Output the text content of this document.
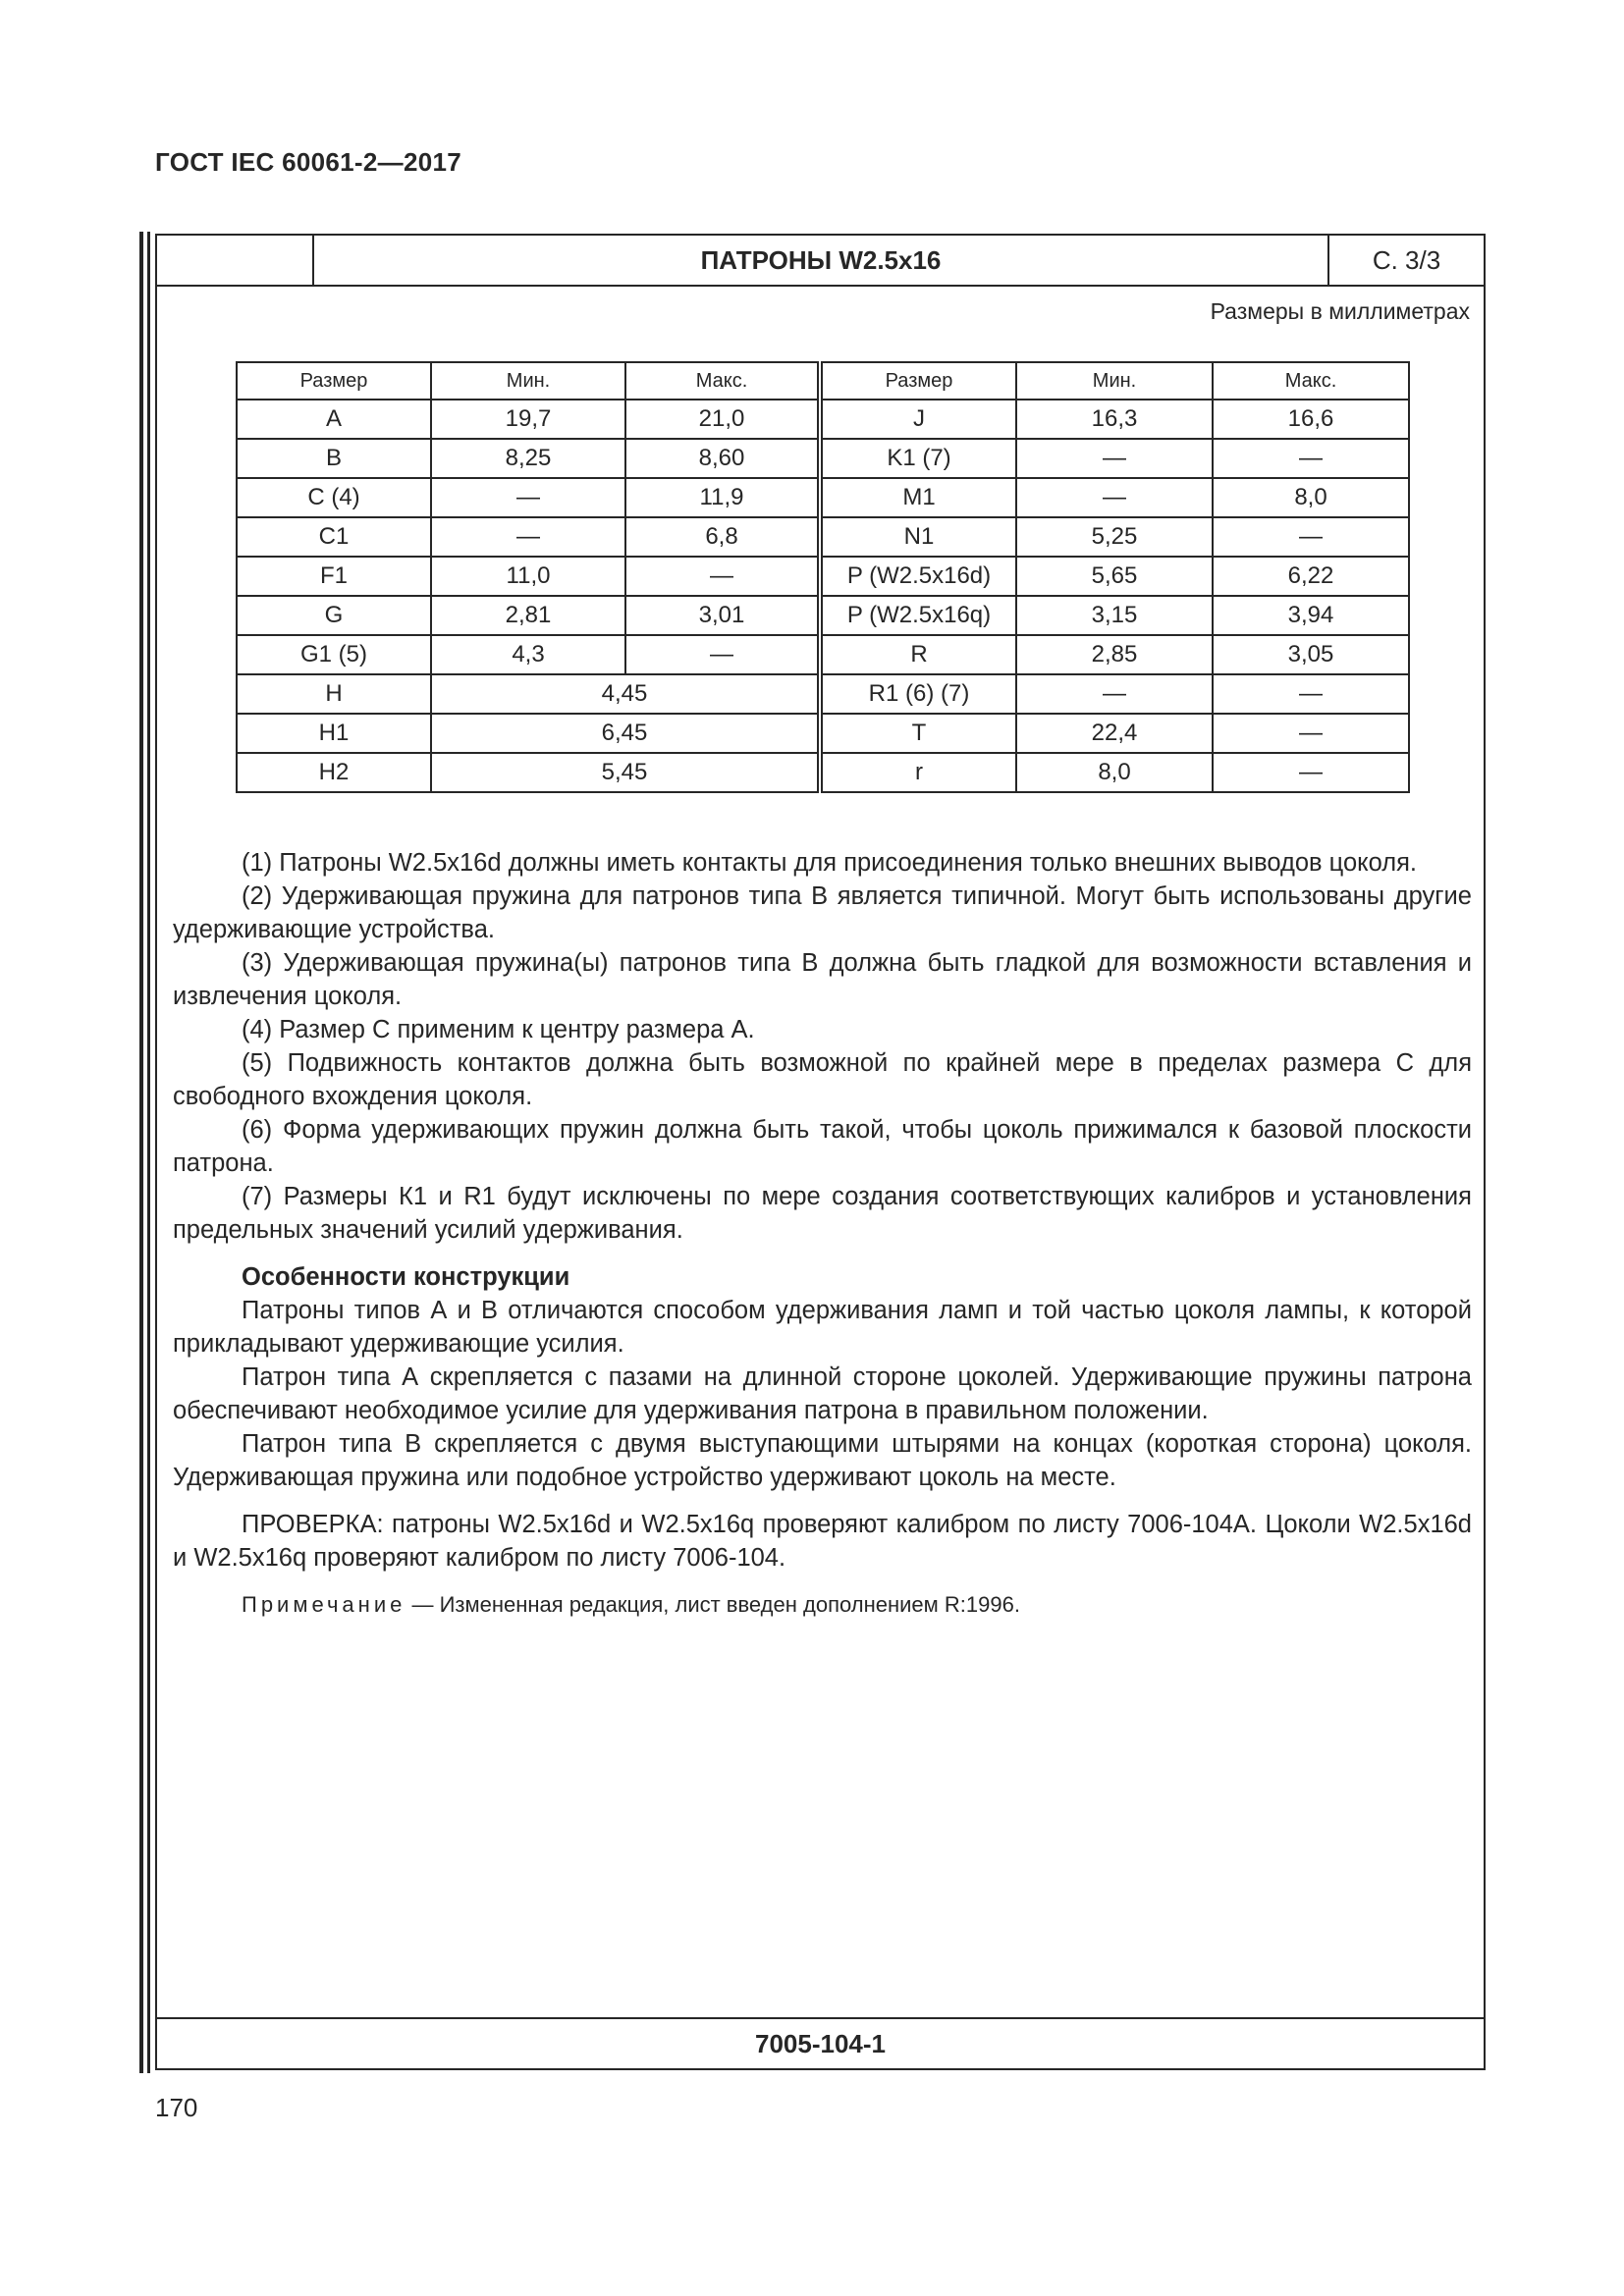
ГОСТ IEC 60061-2—2017
ПАТРОНЫ W2.5x16	С. 3/3
Размеры в миллиметрах
Размер	Мин.	Макс.	Размер	Мин.	Макс.
A	19,7	21,0	J	16,3	16,6
B	8,25	8,60	K1 (7)	—	—
C (4)	—	11,9	M1	—	8,0
C1	—	6,8	N1	5,25	—
F1	11,0	—	P (W2.5x16d)	5,65	6,22
G	2,81	3,01	P (W2.5x16q)	3,15	3,94
G1 (5)	4,3	—	R	2,85	3,05
H	4,45		R1 (6) (7)	—	—
H1	6,45		T	22,4	—
H2	5,45		r	8,0	—

(1) Патроны W2.5x16d должны иметь контакты для присоединения только внешних выводов цоколя.

(2) Удерживающая пружина для патронов типа B является типичной. Могут быть использованы другие удерживающие устройства.

(3) Удерживающая пружина(ы) патронов типа B должна быть гладкой для возможности вставления и извлечения цоколя.

(4) Размер С применим к центру размера А.

(5) Подвижность контактов должна быть возможной по крайней мере в пределах размера С для свободного вхождения цоколя.

(6) Форма удерживающих пружин должна быть такой, чтобы цоколь прижимался к базовой плоскости патрона.

(7) Размеры К1 и R1 будут исключены по мере создания соответствующих калибров и установления предельных значений усилий удерживания.

Особенности конструкции

Патроны типов А и В отличаются способом удерживания ламп и той частью цоколя лампы, к которой прикладывают удерживающие усилия.

Патрон типа А скрепляется с пазами на длинной стороне цоколей. Удерживающие пружины патрона обеспечивают необходимое усилие для удерживания патрона в правильном положении.

Патрон типа В скрепляется с двумя выступающими штырями на концах (короткая сторона) цоколя. Удерживающая пружина или подобное устройство удерживают цоколь на месте.

ПРОВЕРКА: патроны W2.5x16d и W2.5x16q проверяют калибром по листу 7006-104A. Цоколи W2.5x16d и W2.5x16q проверяют калибром по листу 7006-104.

Примечание — Измененная редакция, лист введен дополнением R:1996.

7005-104-1
170
